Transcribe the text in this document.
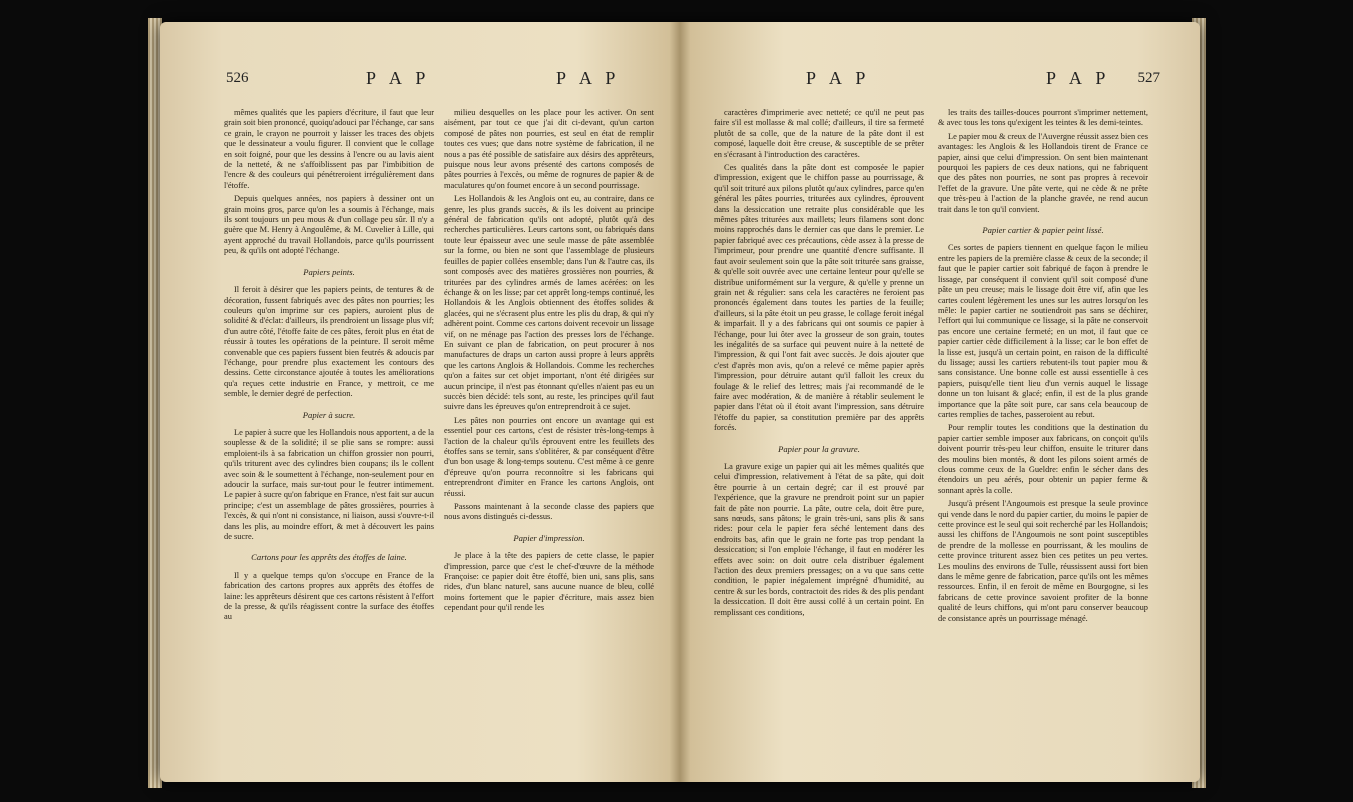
526	P A P	P A P

mêmes qualités que les papiers d'écriture, il faut que leur grain soit bien prononcé, quoiqu'adouci par l'échange, car sans ce grain, le crayon ne pourroit y laisser les traces des objets que le dessinateur a voulu figurer. Il convient que le collage en soit foigné, pour que les dessins à l'encre ou au lavis aient de la netteté, & ne s'affoiblissent pas par l'imbibition de l'encre & des couleurs qui pénétreroient irrégulièrement dans l'étoffe.

Depuis quelques années, nos papiers à dessiner ont un grain moins gros, parce qu'on les a soumis à l'échange, mais ils sont toujours un peu mous & d'un collage peu sûr. Il n'y a guère que M. Henry à Angoulême, & M. Cuvelier à Lille, qui ayent approché du travail Hollandois, parce qu'ils pourrissent peu, & qu'ils ont adopté l'échange.

Papiers peints.

Il feroit à désirer que les papiers peints, de tentures & de décoration, fussent fabriqués avec des pâtes non pourries; les couleurs qu'on imprime sur ces papiers, auroient plus de solidité & d'éclat: d'ailleurs, ils prendroient un lissage plus vif; d'un autre côté, l'étoffe faite de ces pâtes, feroit plus en état de réussir à toutes les opérations de la peinture. Il seroit même convenable que ces papiers fussent bien feutrés & adoucis par l'échange, pour prendre plus exactement les contours des dessins. Cette circonstance ajoutée à toutes les améliorations qu'a reçues cette industrie en France, y mettroit, ce me semble, le dernier degré de perfection.

Papier à sucre.

Le papier à sucre que les Hollandois nous apportent, a de la souplesse & de la solidité; il se plie sans se rompre: aussi emploient-ils à sa fabrication un chiffon grossier non pourri, qu'ils triturent avec des cylindres bien coupans; ils le collent avec soin & le soumettent à l'échange, non-seulement pour en adoucir la surface, mais sur-tout pour le feutrer intimement. Le papier à sucre qu'on fabrique en France, n'est fait sur aucun principe; c'est un assemblage de pâtes grossières, pourries à l'excès, & qui n'ont ni consistance, ni liaison, aussi s'ouvre-t-il dans les plis, au moindre effort, & met à découvert les pains de sucre.

Cartons pour les apprêts des étoffes de laine.

Il y a quelque temps qu'on s'occupe en France de la fabrication des cartons propres aux apprêts des étoffes de laine: les apprêteurs désirent que ces cartons résistent à l'effort de la presse, & qu'ils réagissent contre la surface des étoffes au

milieu desquelles on les place pour les activer. On sent aisément, par tout ce que j'ai dit ci-devant, qu'un carton composé de pâtes non pourries, est seul en état de remplir toutes ces vues; que dans notre système de fabrication, il ne nous a pas été possible de satisfaire aux désirs des apprêteurs, puisque nous leur avons présenté des cartons composés de pâtes pourries à l'excès, ou même de rognures de papier & de maculatures qu'on foumet encore à un second pourrissage.

Les Hollandois & les Anglois ont eu, au contraire, dans ce genre, les plus grands succès, & ils les doivent au principe général de fabrication qu'ils ont adopté, plutôt qu'à des recherches particulières. Leurs cartons sont, ou fabriqués dans toute leur épaisseur avec une seule masse de pâte assemblée sur la forme, ou bien ne sont que l'assemblage de plusieurs feuilles de papier collées ensemble; dans l'un & l'autre cas, ils sont composés avec des matières grossières non pourries, & triturées par des cylindres armés de lames acérées: on les échange & on les lisse; par cet apprêt long-temps continué, les Hollandois & les Anglois obtiennent des étoffes solides & glacées, qui ne s'écrasent plus entre les plis du drap, & qui n'y adhèrent point. Comme ces cartons doivent recevoir un lissage vif, on ne ménage pas l'action des presses lors de l'échange. En suivant ce plan de fabrication, on peut procurer à nos manufactures de draps un carton aussi propre à leurs apprêts que les cartons Anglois & Hollandois. Comme les recherches qu'on a faites sur cet objet important, n'ont été dirigées sur aucun principe, il n'est pas étonnant qu'elles n'aient pas eu un succès bien décidé: tels sont, au reste, les principes qu'il faut suivre dans les épreuves qu'on entreprendroit à ce sujet.

Les pâtes non pourries ont encore un avantage qui est essentiel pour ces cartons, c'est de résister très-long-temps à l'action de la chaleur qu'ils éprouvent entre les feuillets des étoffes sans se ternir, sans s'oblitérer, & par conséquent d'être d'un bon usage & long-temps soutenu. C'est même à ce genre d'épreuve qu'on pourra reconnoître si les fabricans qui entreprendront d'imiter en France les cartons Anglois, ont réussi.

Passons maintenant à la seconde classe des papiers que nous avons distingués ci-dessus.

Papier d'impression.

Je place à la tête des papiers de cette classe, le papier d'impression, parce que c'est le chef-d'œuvre de la méthode Françoise: ce papier doit être étoffé, bien uni, sans plis, sans rides, d'un blanc naturel, sans aucune nuance de bleu, collé moins fortement que le papier d'écriture, mais assez bien cependant pour qu'il rende les

P A P	P A P 527

caractères d'imprimerie avec netteté; ce qu'il ne peut pas faire s'il est mollasse & mal collé; d'ailleurs, il tire sa fermeté plutôt de sa colle, que de la nature de la pâte dont il est composé, laquelle doit être creuse, & susceptible de se prêter en s'écrasant à l'introduction des caractères.

Ces qualités dans la pâte dont est composée le papier d'impression, exigent que le chiffon passe au pourrissage, & qu'il soit trituré aux pilons plutôt qu'aux cylindres, parce qu'en général les pâtes pourries, triturées aux cylindres, éprouvent dans la dessiccation une retraite plus considérable que les mêmes pâtes triturées aux maillets; leurs filamens sont donc moins rapprochés dans le dernier cas que dans le premier. Le papier fabriqué avec ces précautions, cède assez à la presse de l'imprimeur, pour prendre une quantité d'encre suffisante. Il faut avoir seulement soin que la pâte soit triturée sans graisse, & qu'elle soit ouvrée avec une certaine lenteur pour qu'elle se distribue uniformément sur la vergure, & qu'elle y prenne un grain net & régulier: sans cela les caractères ne feroient pas prononcés également dans toutes les parties de la feuille; d'ailleurs, si la pâte étoit un peu grasse, le collage feroit inégal & imparfait. Il y a des fabricans qui ont soumis ce papier à l'échange, pour lui ôter avec la grosseur de son grain, toutes les inégalités de sa surface qui peuvent nuire à la netteté de l'impression, & qui l'ont fait avec succès. Je dois ajouter que c'est d'après mon avis, qu'on a relevé ce même papier après l'impression, pour détruire autant qu'il falloit les creux du foulage & le relief des lettres; mais j'ai recommandé de le faire avec modération, & de manière à rétablir seulement le papier dans l'état où il étoit avant l'impression, sans détruire l'étoffe du papier, sa constitution première par des apprêts forcés.

Papier pour la gravure.

La gravure exige un papier qui ait les mêmes qualités que celui d'impression, relativement à l'état de sa pâte, qui doit être pourrie à un certain degré; car il est prouvé par l'expérience, que la gravure ne prendroit point sur un papier fait de pâte non pourrie. La pâte, outre cela, doit être pure, sans nœuds, sans pâtons; le grain très-uni, sans plis & sans rides: pour cela le papier fera séché lentement dans des endroits bas, afin que le grain ne forte pas trop pendant la dessiccation; si l'on emploie l'échange, il faut en modérer les effets avec soin: on doit outre cela distribuer également l'action des deux premiers pressages; on a vu que sans cette condition, le papier inégalement imprégné d'humidité, au centre & sur les bords, contractoit des rides & des plis pendant la dessiccation. Il doit être aussi collé à un certain point. En remplissant ces conditions,

les traits des tailles-douces pourront s'imprimer nettement, & avec tous les tons qu'exigent les teintes & les demi-teintes.

Le papier mou & creux de l'Auvergne réussit assez bien ces avantages: les Anglois & les Hollandois tirent de France ce papier, ainsi que celui d'impression. On sent bien maintenant pourquoi les papiers de ces deux nations, qui ne fabriquent que des pâtes non pourries, ne sont pas propres à recevoir l'effet de la gravure. Une pâte verte, qui ne cède & ne prête que très-peu à l'action de la planche gravée, ne rend aucun trait dans le ton qu'il convient.

Papier cartier & papier peint lissé.

Ces sortes de papiers tiennent en quelque façon le milieu entre les papiers de la première classe & ceux de la seconde; il faut que le papier cartier soit fabriqué de façon à prendre le lissage, par conséquent il convient qu'il soit composé d'une pâte un peu creuse; mais le lissage doit être vif, afin que les cartes coulent légèrement les unes sur les autres lorsqu'on les mêle: le papier cartier ne soutiendroit pas sans se déchirer, l'effort qui lui communique ce lissage, si la pâte ne conservoit pas encore une certaine fermeté; en un mot, il faut que ce papier cartier cède difficilement à la lisse; car le bon effet de la lisse est, jusqu'à un certain point, en raison de la difficulté du lissage; aussi les cartiers rebutent-ils tout papier mou & sans consistance. Une bonne colle est aussi essentielle à ces papiers, puisqu'elle tient lieu d'un vernis auquel le lissage donne un ton luisant & glacé; enfin, il est de la plus grande importance que la pâte soit pure, car sans cela beaucoup de cartes remplies de taches, passeroient au rebut.

Pour remplir toutes les conditions que la destination du papier cartier semble imposer aux fabricans, on conçoit qu'ils doivent pourrir très-peu leur chiffon, ensuite le triturer dans des moulins bien montés, & dont les pilons soient armés de clous comme ceux de la Gueldre: enfin le sécher dans des étendoirs un peu aérés, pour obtenir un papier ferme & sonnant après la colle.

Jusqu'à présent l'Angoumois est presque la seule province qui vende dans le nord du papier cartier, du moins le papier de cette province est le seul qui soit recherché par les Hollandois; aussi les chiffons de l'Angoumois ne sont point susceptibles de prendre de la mollesse en pourrissant, & les moulins de cette province triturent assez bien ces petites un peu vertes. Les moulins des environs de Tulle, réussissent aussi fort bien dans le même genre de fabrication, parce qu'ils ont les mêmes ressources. Enfin, il en feroit de même en Bourgogne, si les fabricans de cette province savoient profiter de la bonne qualité de leurs chiffons, qui m'ont paru conserver beaucoup de consistance après un pourrissage ménagé.
